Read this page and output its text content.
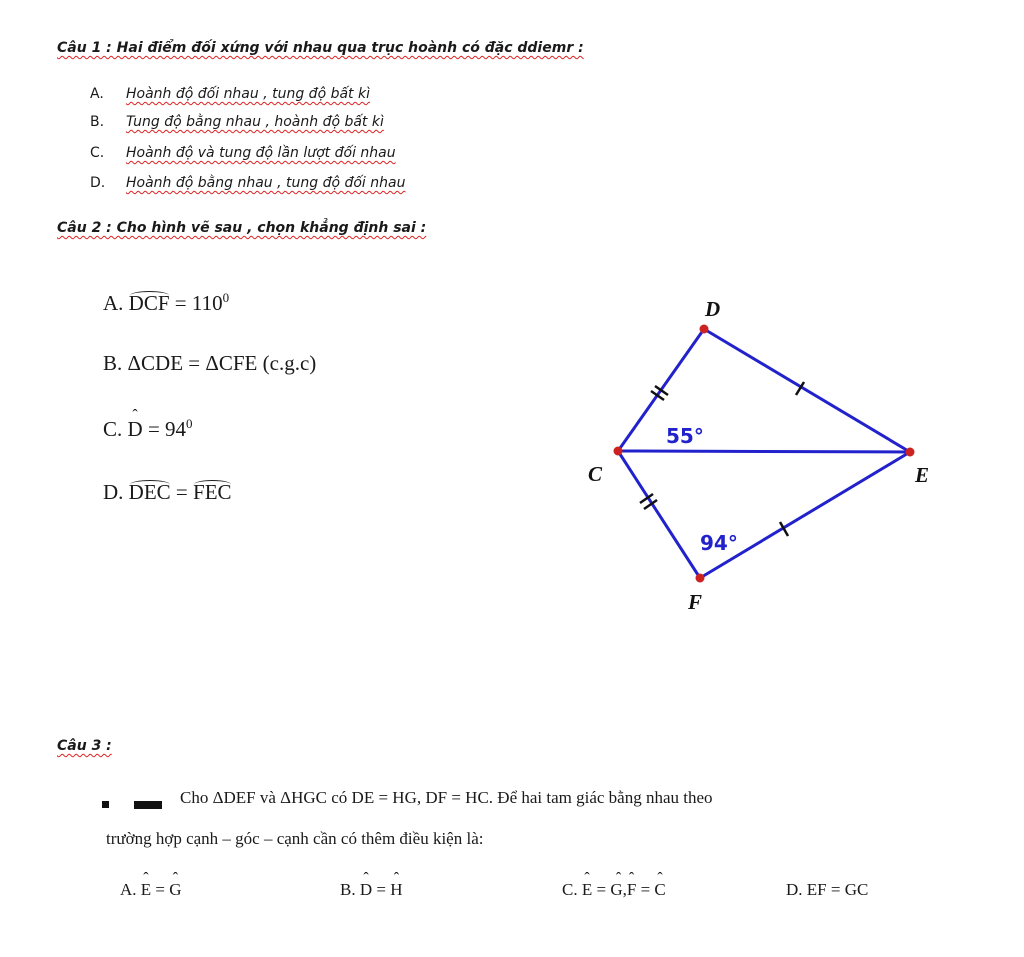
Câu 1 : Hai điểm đối xứng với nhau qua trục hoành có đặc ddiemr :
A. Hoành độ đối nhau , tung độ bất kì
B. Tung độ bằng nhau , hoành độ bất kì
C. Hoành độ và tung độ lần lượt đối nhau
D. Hoành độ bằng nhau , tung độ đối nhau
Câu 2 : Cho hình vẽ sau , chọn khẳng định sai :
A. DCF = $110^0$
B. ΔCDE = ΔCFE (c.g.c)
C. ˆ $D = 94^0$
D. DEC = FEC
D
C	E
F
55°
94°
Câu 3 :
Cho ΔDEF và ΔHGC có DE = HG, DF = HC. Để hai tam giác bằng nhau theo
trường hợp cạnh – góc – cạnh cần có thêm điều kiện là:
A. ˆ E = ˆ G	B. ˆ D = ˆ H	C. ˆ E = ˆ G,ˆ F = ˆ C	D. EF = GC
